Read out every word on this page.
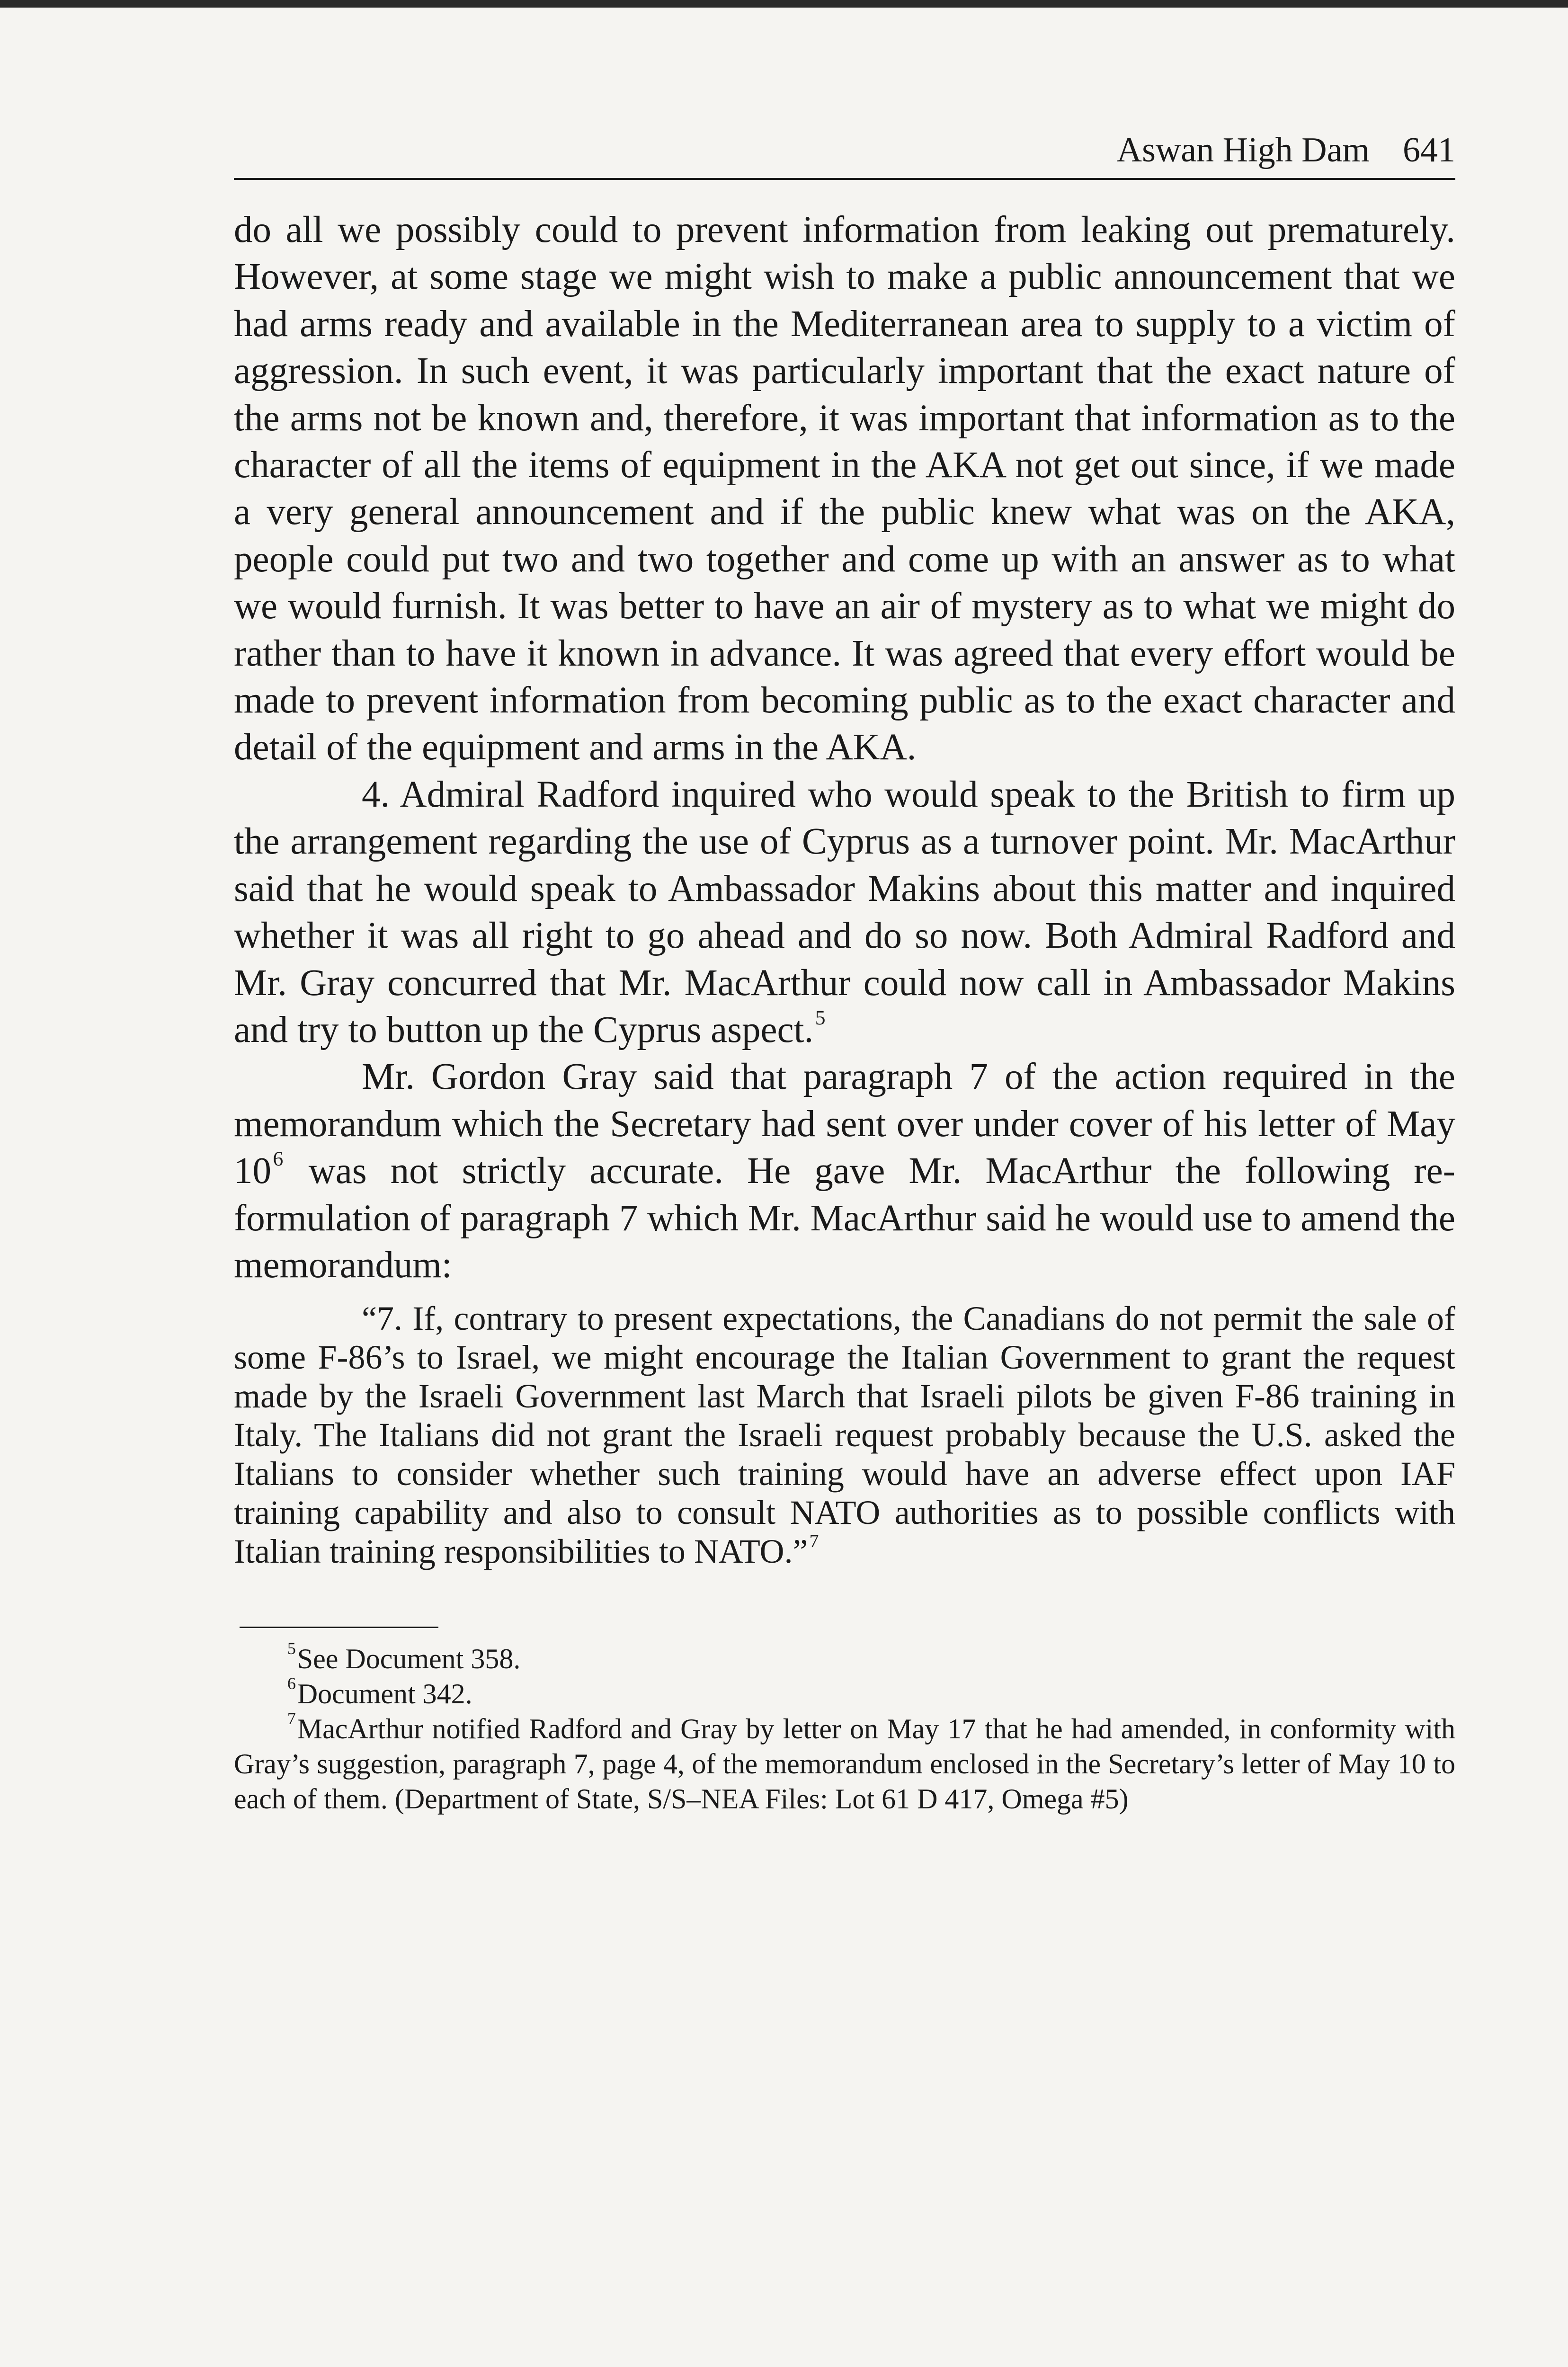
Aswan High Dam 641

do all we possibly could to prevent information from leaking out prematurely. However, at some stage we might wish to make a public announcement that we had arms ready and available in the Mediterranean area to supply to a victim of aggression. In such event, it was particularly important that the exact nature of the arms not be known and, therefore, it was important that information as to the character of all the items of equipment in the AKA not get out since, if we made a very general announcement and if the public knew what was on the AKA, people could put two and two together and come up with an answer as to what we would furnish. It was better to have an air of mystery as to what we might do rather than to have it known in advance. It was agreed that every effort would be made to prevent information from becoming public as to the exact character and detail of the equipment and arms in the AKA.

4. Admiral Radford inquired who would speak to the British to firm up the arrangement regarding the use of Cyprus as a turnover point. Mr. MacArthur said that he would speak to Ambassador Makins about this matter and inquired whether it was all right to go ahead and do so now. Both Admiral Radford and Mr. Gray concurred that Mr. MacArthur could now call in Ambassador Makins and try to button up the Cyprus aspect.$^5$

Mr. Gordon Gray said that paragraph 7 of the action required in the memorandum which the Secretary had sent over under cover of his letter of May $10^6$ was not strictly accurate. He gave Mr. MacArthur the following re-formulation of paragraph 7 which Mr. MacArthur said he would use to amend the memorandum:

“7. If, contrary to present expectations, the Canadians do not permit the sale of some F-86’s to Israel, we might encourage the Italian Government to grant the request made by the Israeli Government last March that Israeli pilots be given F-86 training in Italy. The Italians did not grant the Israeli request probably because the U.S. asked the Italians to consider whether such training would have an adverse effect upon IAF training capability and also to consult NATO authorities as to possible conflicts with Italian training responsibilities to NATO.”$^7$

$^5$See Document 358.

$^6$Document 342.

$^7$MacArthur notified Radford and Gray by letter on May 17 that he had amended, in conformity with Gray’s suggestion, paragraph 7, page 4, of the memorandum enclosed in the Secretary’s letter of May 10 to each of them. (Department of State, S/S–NEA Files: Lot 61 D 417, Omega #5)
